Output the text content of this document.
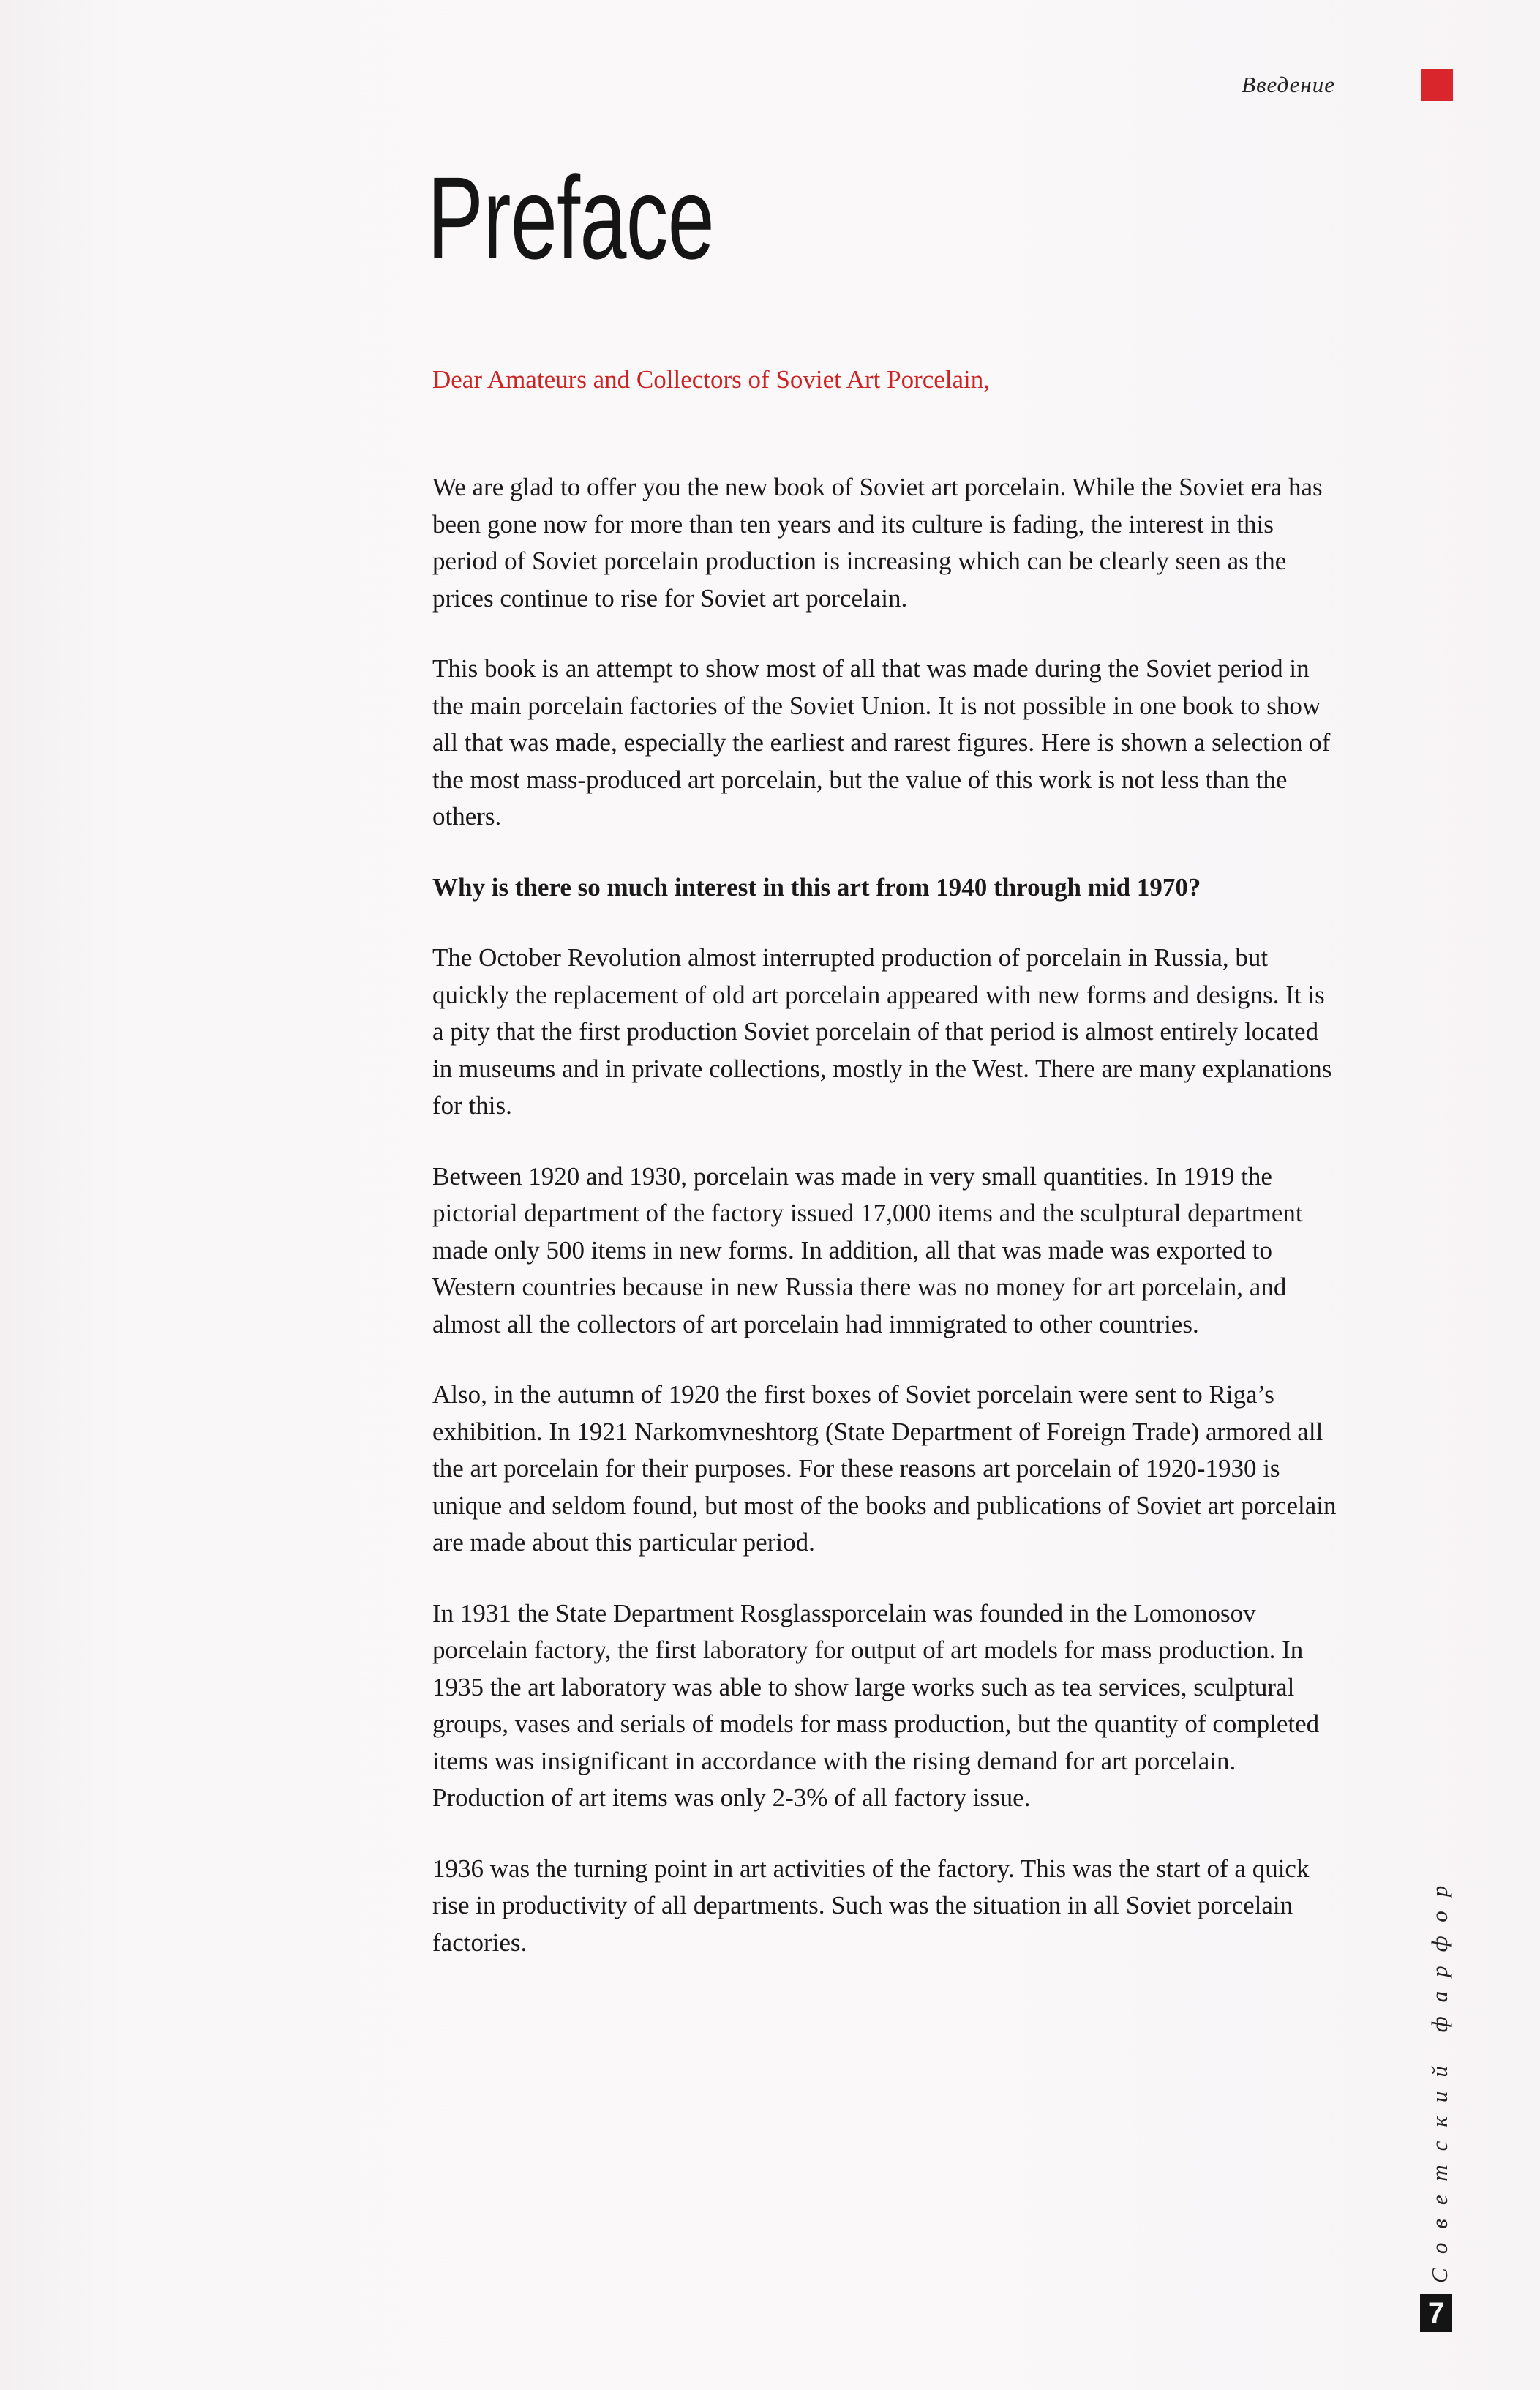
Введение
Preface
Dear Amateurs and Collectors of Soviet Art Porcelain,

We are glad to offer you the new book of Soviet art porcelain. While the Soviet era has been gone now for more than ten years and its culture is fading, the interest in this period of Soviet porcelain production is increasing which can be clearly seen as the prices continue to rise for Soviet art porcelain.

This book is an attempt to show most of all that was made during the Soviet period in the main porcelain factories of the Soviet Union. It is not possible in one book to show all that was made, especially the earliest and rarest figures. Here is shown a selection of the most mass-produced art porcelain, but the value of this work is not less than the others.

Why is there so much interest in this art from 1940 through mid 1970?

The October Revolution almost interrupted production of porcelain in Russia, but quickly the replacement of old art porcelain appeared with new forms and designs. It is a pity that the first production Soviet porcelain of that period is almost entirely located in museums and in private collections, mostly in the West. There are many explanations for this.

Between 1920 and 1930, porcelain was made in very small quantities. In 1919 the pictorial department of the factory issued 17,000 items and the sculptural department made only 500 items in new forms. In addition, all that was made was exported to Western countries because in new Russia there was no money for art porcelain, and almost all the collectors of art porcelain had immigrated to other countries.

Also, in the autumn of 1920 the first boxes of Soviet porcelain were sent to Riga’s exhibition. In 1921 Narkomvneshtorg (State Department of Foreign Trade) armored all the art porcelain for their purposes. For these reasons art porcelain of 1920-1930 is unique and seldom found, but most of the books and publications of Soviet art porcelain are made about this particular period.

In 1931 the State Department Rosglassporcelain was founded in the Lomonosov porcelain factory, the first laboratory for output of art models for mass production. In 1935 the art laboratory was able to show large works such as tea services, sculptural groups, vases and serials of models for mass production, but the quantity of completed items was insignificant in accordance with the rising demand for art porcelain. Production of art items was only 2-3% of all factory issue.

1936 was the turning point in art activities of the factory. This was the start of a quick rise in productivity of all departments. Such was the situation in all Soviet porcelain factories.	Советский фарфор
7
